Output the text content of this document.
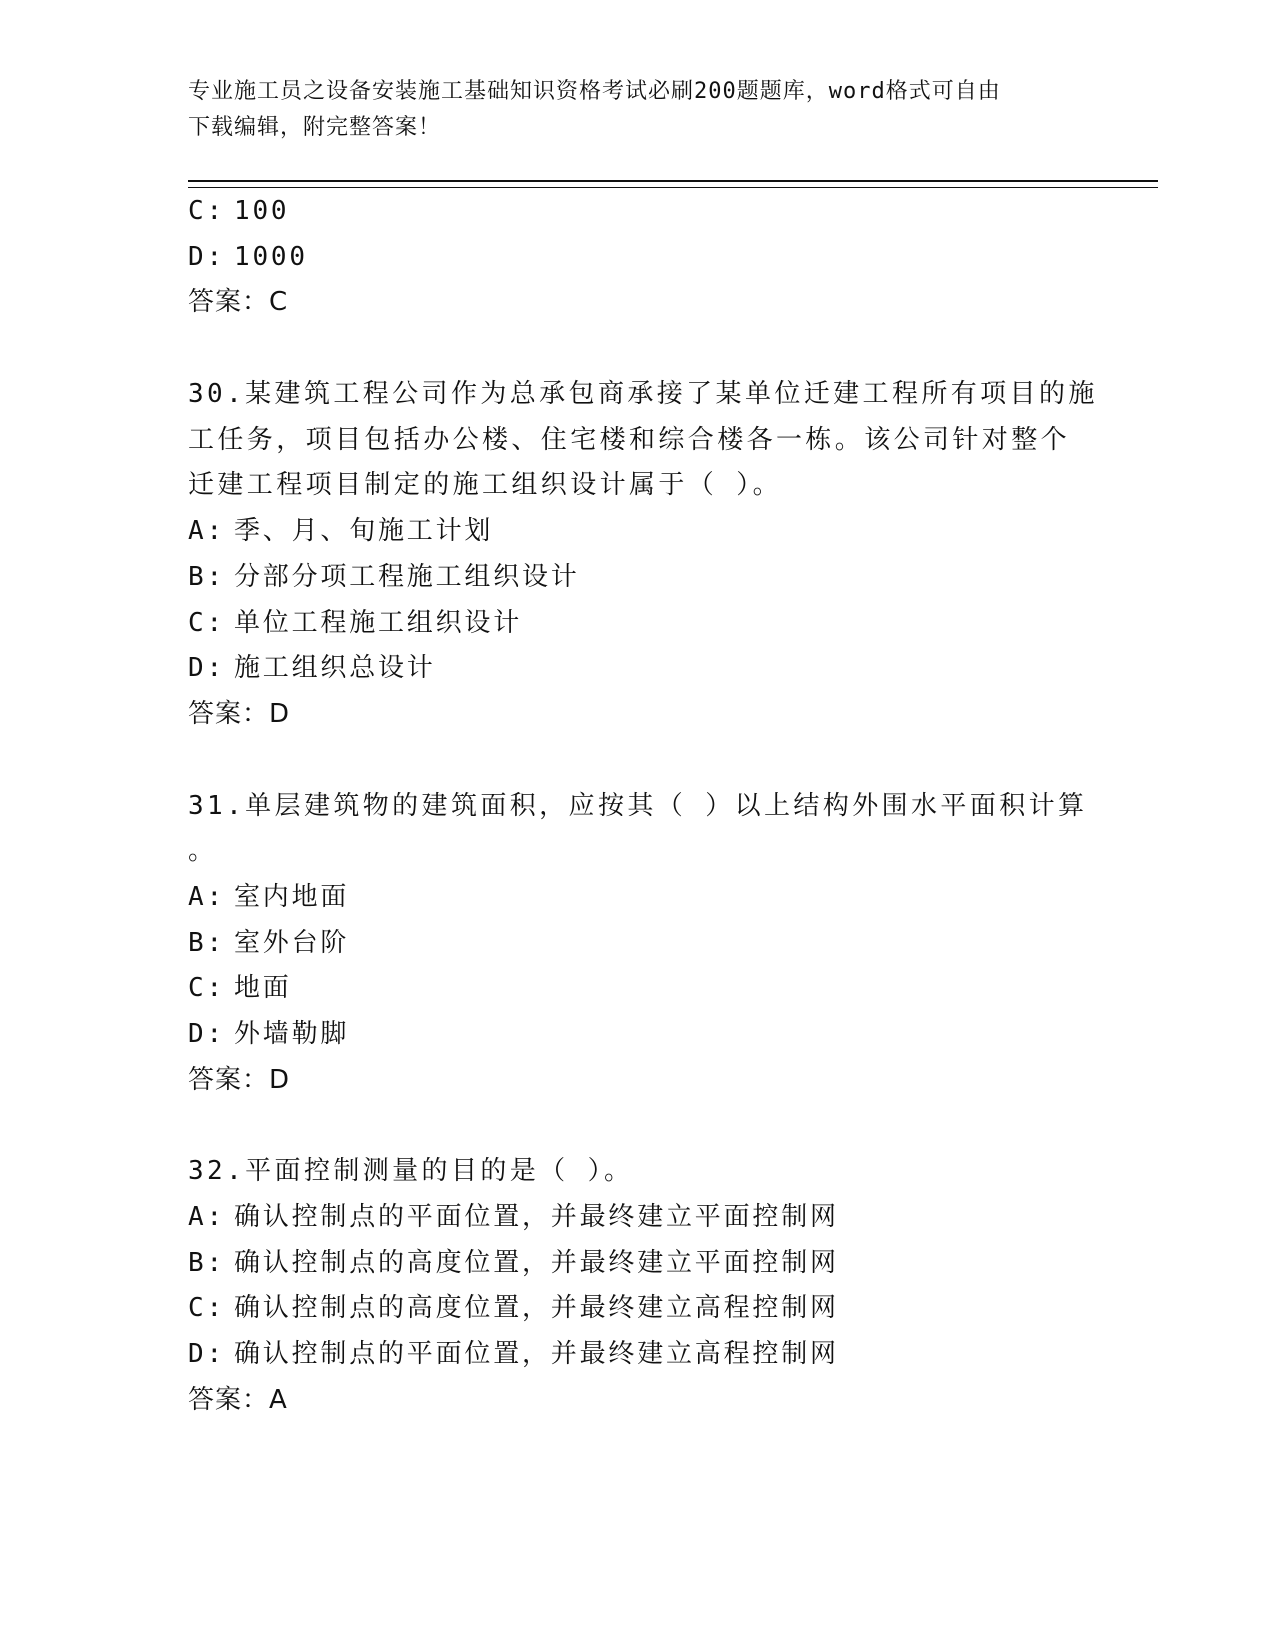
专业施工员之设备安装施工基础知识资格考试必刷200题题库，word格式可自由
下载编辑，附完整答案！
C: 100
D: 1000
答案：C
30.某建筑工程公司作为总承包商承接了某单位迁建工程所有项目的施
工任务，项目包括办公楼、住宅楼和综合楼各一栋。该公司针对整个
迁建工程项目制定的施工组织设计属于（ ）。
A: 季、月、旬施工计划
B: 分部分项工程施工组织设计
C: 单位工程施工组织设计
D: 施工组织总设计
答案：D
31.单层建筑物的建筑面积，应按其（ ）以上结构外围水平面积计算
。
A: 室内地面
B: 室外台阶
C: 地面
D: 外墙勒脚
答案：D
32.平面控制测量的目的是（ ）。
A: 确认控制点的平面位置，并最终建立平面控制网
B: 确认控制点的高度位置，并最终建立平面控制网
C: 确认控制点的高度位置，并最终建立高程控制网
D: 确认控制点的平面位置，并最终建立高程控制网
答案：A
